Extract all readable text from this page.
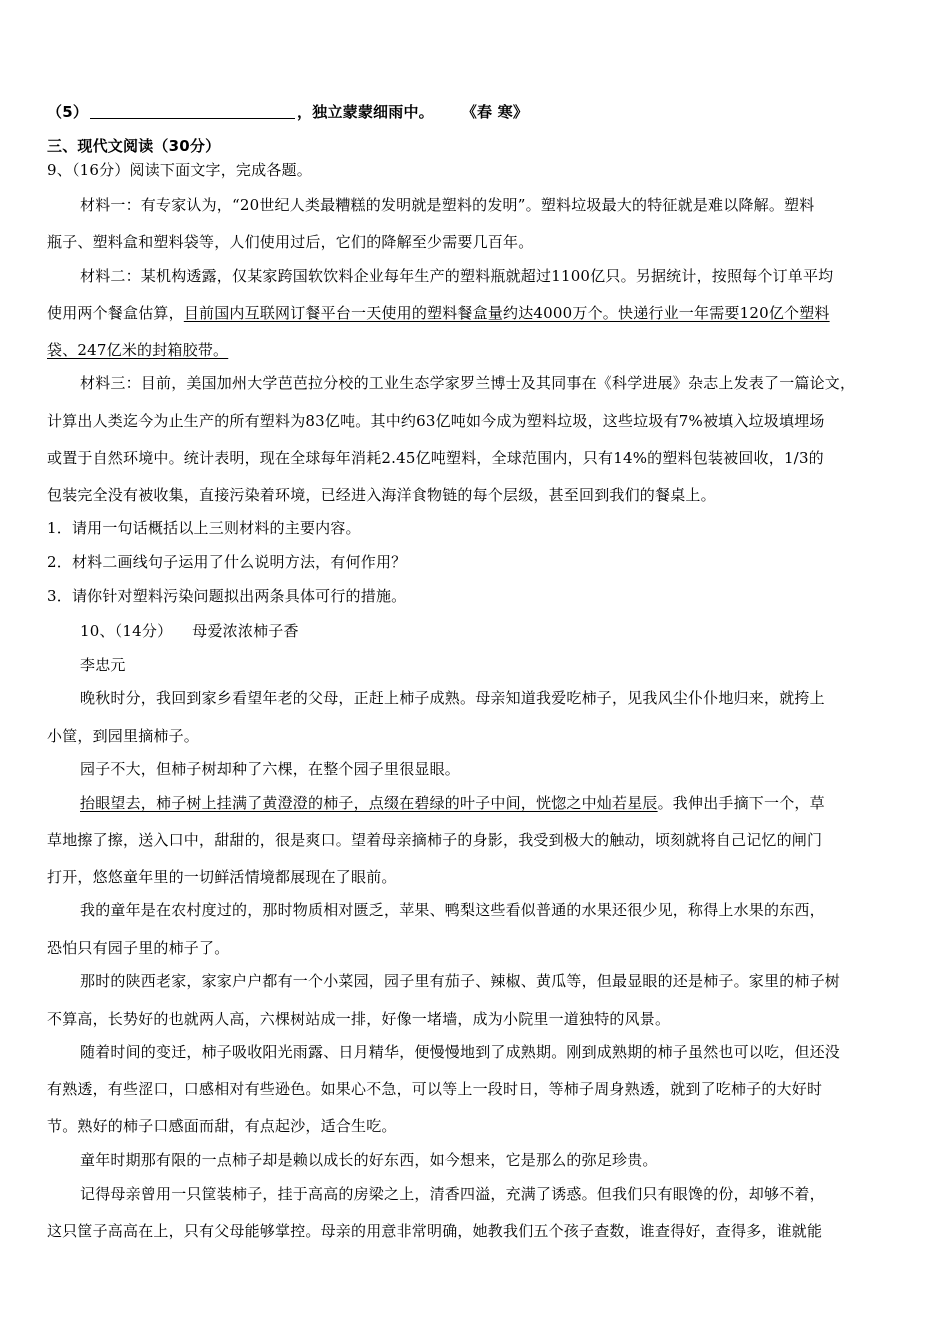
（5）	，独立蒙蒙细雨中。 《春 寒》
三、现代文阅读（30分）
9、（16分）阅读下面文字，完成各题。
材料一：有专家认为，“20世纪人类最糟糕的发明就是塑料的发明”。塑料垃圾最大的特征就是难以降解。塑料
瓶子、塑料盒和塑料袋等，人们使用过后，它们的降解至少需要几百年。
材料二：某机构透露，仅某家跨国软饮料企业每年生产的塑料瓶就超过1100亿只。另据统计，按照每个订单平均
使用两个餐盒估算，目前国内互联网订餐平台一天使用的塑料餐盒量约达4000万个。快递行业一年需要120亿个塑料
袋、247亿米的封箱胶带。
材料三：目前，美国加州大学芭芭拉分校的工业生态学家罗兰博士及其同事在《科学进展》杂志上发表了一篇论文，
计算出人类迄今为止生产的所有塑料为83亿吨。其中约63亿吨如今成为塑料垃圾，这些垃圾有7%被填入垃圾填埋场
或置于自然环境中。统计表明，现在全球每年消耗2.45亿吨塑料，全球范围内，只有14%的塑料包装被回收，1/3的
包装完全没有被收集，直接污染着环境，已经进入海洋食物链的每个层级，甚至回到我们的餐桌上。
1．请用一句话概括以上三则材料的主要内容。
2．材料二画线句子运用了什么说明方法，有何作用？
3．请你针对塑料污染问题拟出两条具体可行的措施。
10、（14分） 母爱浓浓柿子香
李忠元
晚秋时分，我回到家乡看望年老的父母，正赶上柿子成熟。母亲知道我爱吃柿子，见我风尘仆仆地归来，就挎上
小筐，到园里摘柿子。
园子不大，但柿子树却种了六棵，在整个园子里很显眼。
抬眼望去，柿子树上挂满了黄澄澄的柿子，点缀在碧绿的叶子中间，恍惚之中灿若星辰。我伸出手摘下一个，草
草地擦了擦，送入口中，甜甜的，很是爽口。望着母亲摘柿子的身影，我受到极大的触动，顷刻就将自己记忆的闸门
打开，悠悠童年里的一切鲜活情境都展现在了眼前。
我的童年是在农村度过的，那时物质相对匮乏，苹果、鸭梨这些看似普通的水果还很少见，称得上水果的东西，
恐怕只有园子里的柿子了。
那时的陕西老家，家家户户都有一个小菜园，园子里有茄子、辣椒、黄瓜等，但最显眼的还是柿子。家里的柿子树
不算高，长势好的也就两人高，六棵树站成一排，好像一堵墙，成为小院里一道独特的风景。
随着时间的变迁，柿子吸收阳光雨露、日月精华，便慢慢地到了成熟期。刚到成熟期的柿子虽然也可以吃，但还没
有熟透，有些涩口，口感相对有些逊色。如果心不急，可以等上一段时日，等柿子周身熟透，就到了吃柿子的大好时
节。熟好的柿子口感面而甜，有点起沙，适合生吃。
童年时期那有限的一点柿子却是赖以成长的好东西，如今想来，它是那么的弥足珍贵。
记得母亲曾用一只筐装柿子，挂于高高的房梁之上，清香四溢，充满了诱惑。但我们只有眼馋的份，却够不着，
这只筐子高高在上，只有父母能够掌控。母亲的用意非常明确，她教我们五个孩子查数，谁查得好，查得多，谁就能
